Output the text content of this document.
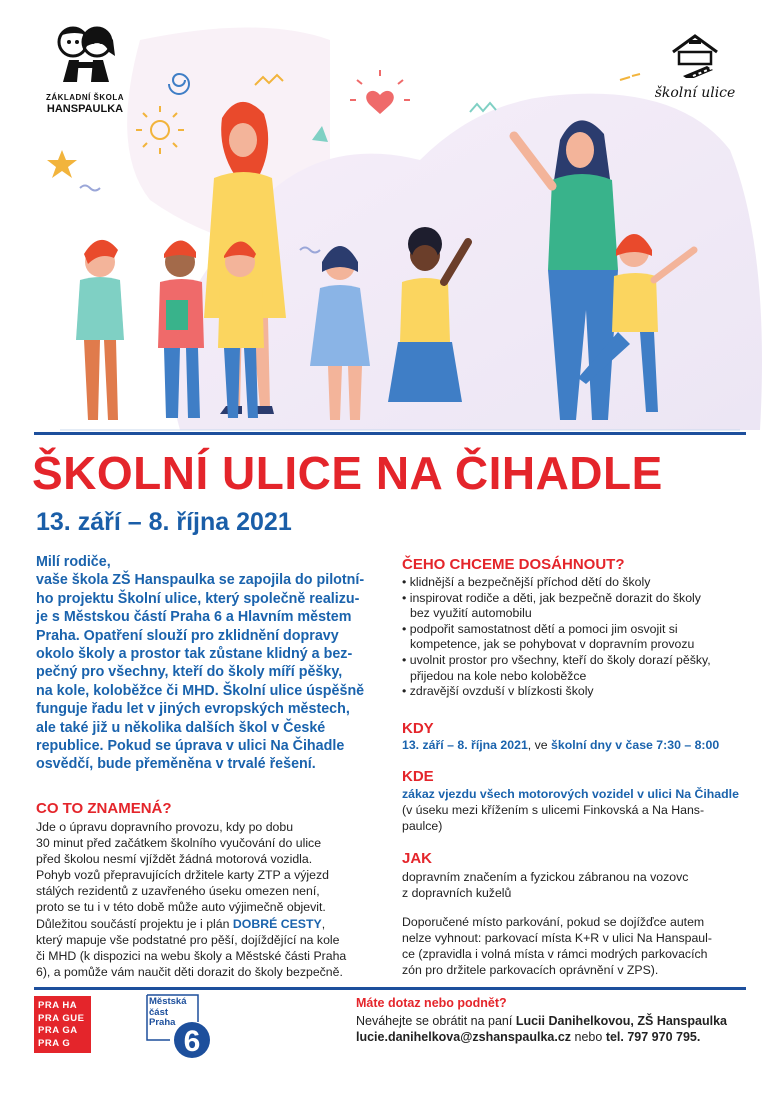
ZÁKLADNÍ ŠKOLA
HANSPAULKA
školní ulice
ŠKOLNÍ ULICE NA ČIHADLE
13. září – 8. října 2021
Milí rodiče,
vaše škola ZŠ Hanspaulka se zapojila do pilotní-
ho projektu Školní ulice, který společně realizu-
je s Městskou částí Praha 6 a Hlavním městem
Praha. Opatření slouží pro zklidnění dopravy
okolo školy a prostor tak zůstane klidný a bez-
pečný pro všechny, kteří do školy míří pěšky,
na kole, koloběžce či MHD. Školní ulice úspěšně
funguje řadu let v jiných evropských městech,
ale také již u několika dalších škol v České
republice. Pokud se úprava v ulici Na Čihadle
osvědčí, bude přeměněna v trvalé řešení.
CO TO ZNAMENÁ?
Jde o úpravu dopravního provozu, kdy po dobu
30 minut před začátkem školního vyučování do ulice
před školou nesmí vjíždět žádná motorová vozidla.
Pohyb vozů přepravujících držitele karty ZTP a výjezd
stálých rezidentů z uzavřeného úseku omezen není,
proto se tu i v této době může auto výjimečně objevit.
Důležitou součástí projektu je i plán DOBRÉ CESTY,
který mapuje vše podstatné pro pěší, dojíždějící na kole
či MHD (k dispozici na webu školy a Městské části Praha
6), a pomůže vám naučit děti dorazit do školy bezpečně.
ČEHO CHCEME DOSÁHNOUT?
• klidnější a bezpečnější příchod dětí do školy
• inspirovat rodiče a děti, jak bezpečně dorazit do školy
bez využití automobilu
• podpořit samostatnost dětí a pomoci jim osvojit si
kompetence, jak se pohybovat v dopravním provozu
• uvolnit prostor pro všechny, kteří do školy dorazí pěšky,
přijedou na kole nebo koloběžce
• zdravější ovzduší v blízkosti školy
KDY
13. září – 8. října 2021, ve školní dny v čase 7:30 – 8:00
KDE
zákaz vjezdu všech motorových vozidel v ulici Na Čihadle
(v úseku mezi křížením s ulicemi Finkovská a Na Hans-
paulce)
JAK
dopravním značením a fyzickou zábranou na vozovc
z dopravních kuželů
Doporučené místo parkování, pokud se dojížďce autem
nelze vyhnout: parkovací místa K+R v ulici Na Hanspaul-
ce (zpravidla i volná místa v rámci modrých parkovacích
zón pro držitele parkovacích oprávnění v ZPS).
PRA HA
PRA GUE
PRA GA
PRA G	6
Městská
část
Praha
Máte dotaz nebo podnět?
Neváhejte se obrátit na paní Lucii Danihelkovou, ZŠ Hanspaulka
lucie.danihelkova@zshanspaulka.cz nebo tel. 797 970 795.
